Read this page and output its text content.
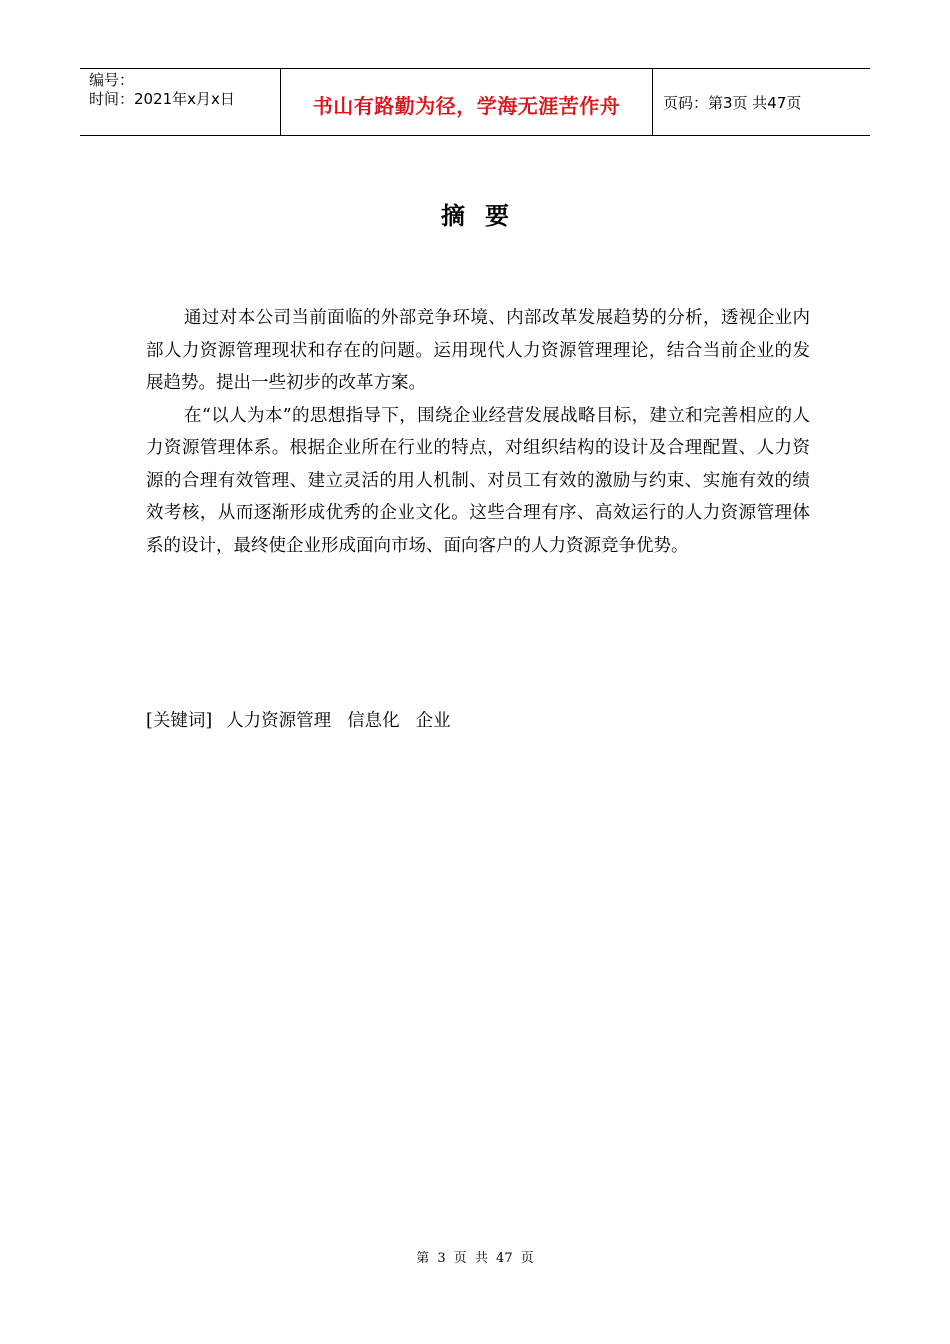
编号：
时间：2021年x月x日	书山有路勤为径，学海无涯苦作舟	页码：第3页 共47页
摘要

通过对本公司当前面临的外部竞争环境、内部改革发展趋势的分析，透视企业内部人力资源管理现状和存在的问题。运用现代人力资源管理理论，结合当前企业的发展趋势。提出一些初步的改革方案。

在“以人为本”的思想指导下，围绕企业经营发展战略目标，建立和完善相应的人力资源管理体系。根据企业所在行业的特点，对组织结构的设计及合理配置、人力资源的合理有效管理、建立灵活的用人机制、对员工有效的激励与约束、实施有效的绩效考核，从而逐渐形成优秀的企业文化。这些合理有序、高效运行的人力资源管理体系的设计，最终使企业形成面向市场、面向客户的人力资源竞争优势。

[关键词] 人力资源管理 信息化 企业
第 3 页 共 47 页
